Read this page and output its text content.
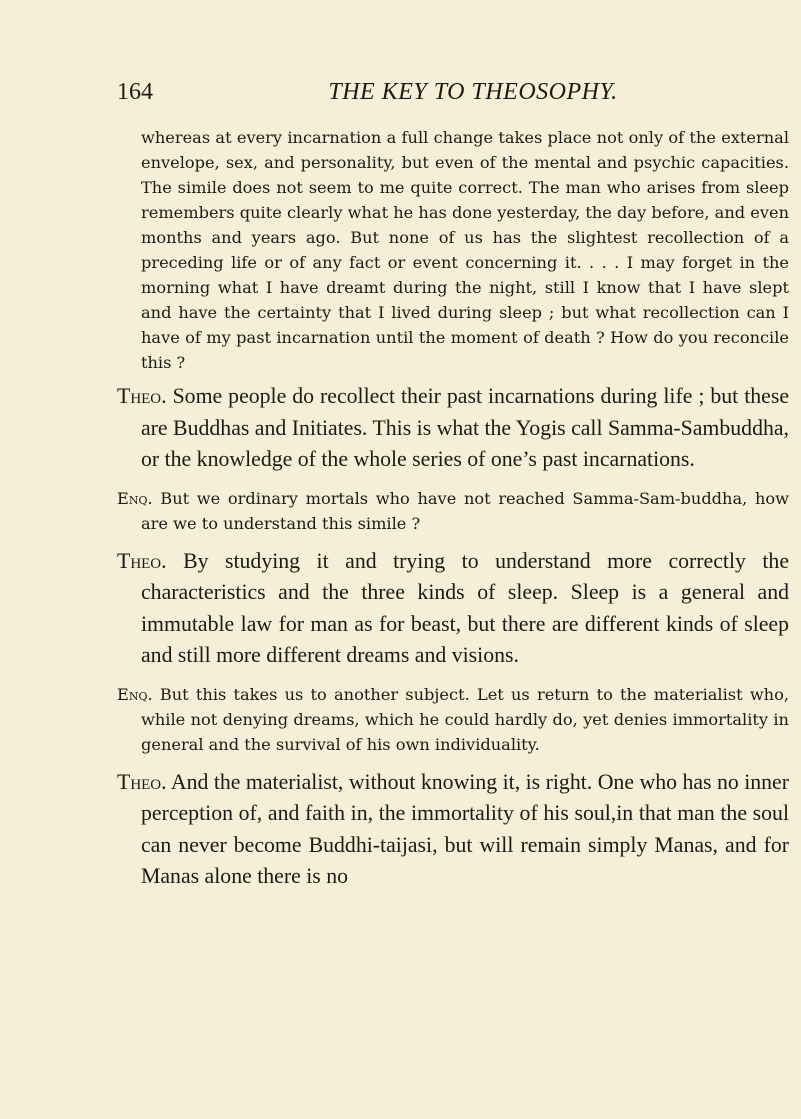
164	THE KEY TO THEOSOPHY.

whereas at every incarnation a full change takes place not only of the external envelope, sex, and personality, but even of the mental and psychic capacities. The simile does not seem to me quite correct. The man who arises from sleep remembers quite clearly what he has done yesterday, the day before, and even months and years ago. But none of us has the slightest recollection of a preceding life or of any fact or event concerning it. . . . I may forget in the morning what I have dreamt during the night, still I know that I have slept and have the certainty that I lived during sleep ; but what recollection can I have of my past incarnation until the moment of death ? How do you reconcile this ?

Theo. Some people do recollect their past incarnations during life ; but these are Buddhas and Initiates. This is what the Yogis call Samma-Sambuddha, or the knowledge of the whole series of one’s past incarnations.

Enq. But we ordinary mortals who have not reached Samma-Sam-buddha, how are we to understand this simile ?

Theo. By studying it and trying to understand more correctly the characteristics and the three kinds of sleep. Sleep is a general and immutable law for man as for beast, but there are different kinds of sleep and still more different dreams and visions.

Enq. But this takes us to another subject. Let us return to the materialist who, while not denying dreams, which he could hardly do, yet denies immortality in general and the survival of his own individuality.

Theo. And the materialist, without knowing it, is right. One who has no inner perception of, and faith in, the immortality of his soul,in that man the soul can never become Buddhi-taijasi, but will remain simply Manas, and for Manas alone there is no
